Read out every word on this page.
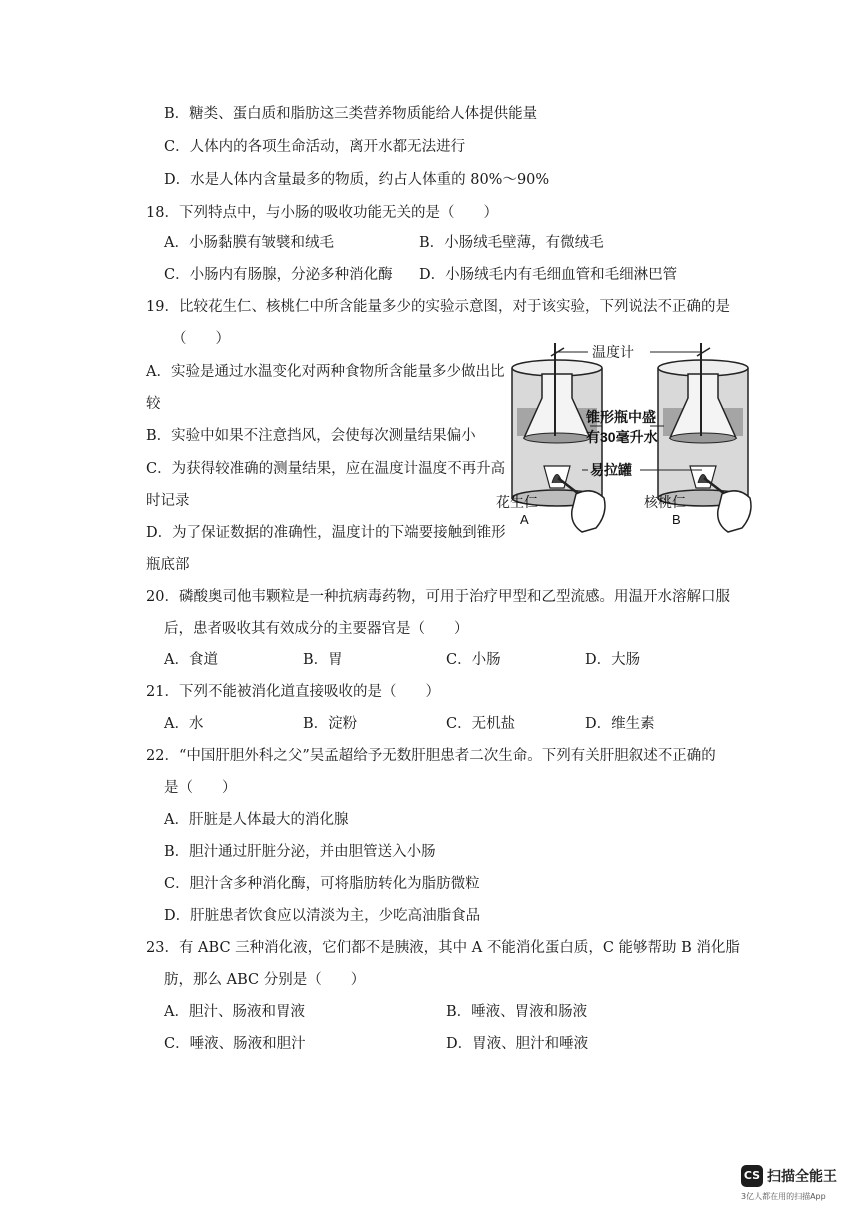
B．糖类、蛋白质和脂肪这三类营养物质能给人体提供能量
C．人体内的各项生命活动，离开水都无法进行
D．水是人体内含量最多的物质，约占人体重的 80%～90%
18．下列特点中，与小肠的吸收功能无关的是（　　）
A．小肠黏膜有皱襞和绒毛	B．小肠绒毛壁薄，有微绒毛
C．小肠内有肠腺，分泌多种消化酶 D．小肠绒毛内有毛细血管和毛细淋巴管
19．比较花生仁、核桃仁中所含能量多少的实验示意图，对于该实验，下列说法不正确的是
（　　）
A．实验是通过水温变化对两种食物所含能量多少做出比
较
B．实验中如果不注意挡风，会使每次测量结果偏小
C．为获得较准确的测量结果，应在温度计温度不再升高
时记录
D．为了保证数据的准确性，温度计的下端要接触到锥形
瓶底部
温度计
锥形瓶中盛
有30毫升水
易拉罐
花生仁
A
核桃仁
B
20．磷酸奥司他韦颗粒是一种抗病毒药物，可用于治疗甲型和乙型流感。用温开水溶解口服
后，患者吸收其有效成分的主要器官是（　　）
A．食道	B．胃	C．小肠	D．大肠
21．下列不能被消化道直接吸收的是（　　）
A．水	B．淀粉	C．无机盐	D．维生素
22．“中国肝胆外科之父”吴孟超给予无数肝胆患者二次生命。下列有关肝胆叙述不正确的
是（　　）
A．肝脏是人体最大的消化腺
B．胆汁通过肝脏分泌，并由胆管送入小肠
C．胆汁含多种消化酶，可将脂肪转化为脂肪微粒
D．肝脏患者饮食应以清淡为主，少吃高油脂食品
23．有 ABC 三种消化液，它们都不是胰液，其中 A 不能消化蛋白质，C 能够帮助 B 消化脂
肪，那么 ABC 分别是（　　）
A．胆汁、肠液和胃液	B．唾液、胃液和肠液
C．唾液、肠液和胆汁	D．胃液、胆汁和唾液
CS 扫描全能王
3亿人都在用的扫描App
